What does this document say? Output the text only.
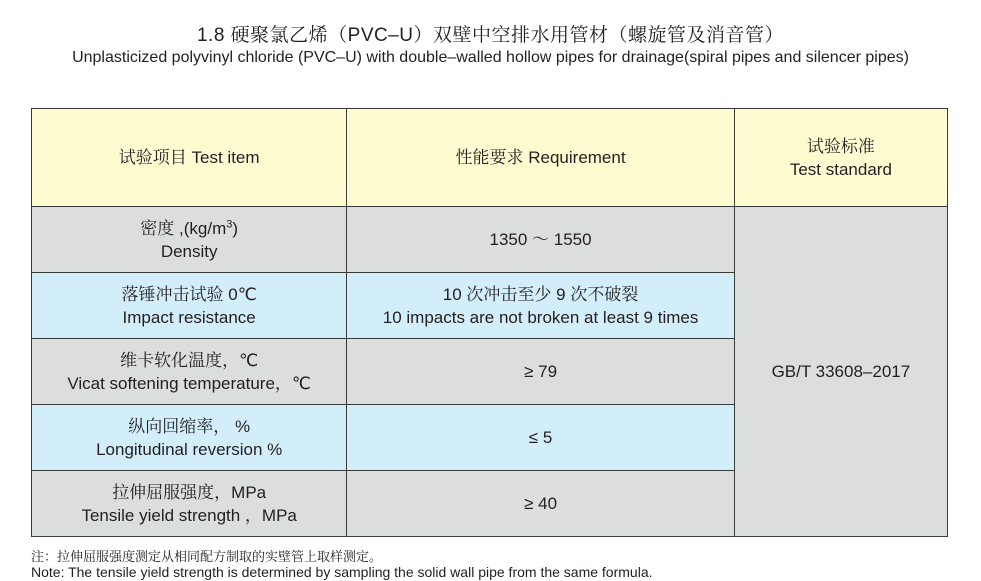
1.8 硬聚氯乙烯（PVC–U）双壁中空排水用管材（螺旋管及消音管）
Unplasticized polyvinyl chloride (PVC–U) with double–walled hollow pipes for drainage(spiral pipes and silencer pipes)
试验项目 Test item	性能要求 Requirement	试验标准
Test standard

密度 $,(kg/m^3)$
Density	1350 ～ 1550	GB/T 33608–2017

落锤冲击试验 0℃
Impact resistance	10 次冲击至少 9 次不破裂
10 impacts are not broken at least 9 times	

维卡软化温度，℃
Vicat softening temperature，℃	≥ 79	

纵向回缩率， %
Longitudinal reversion %	≤ 5	

拉伸屈服强度，MPa
Tensile yield strength ，MPa	≥ 40	
注：拉伸屈服强度测定从相同配方制取的实壁管上取样测定。
Note: The tensile yield strength is determined by sampling the solid wall pipe from the same formula.
